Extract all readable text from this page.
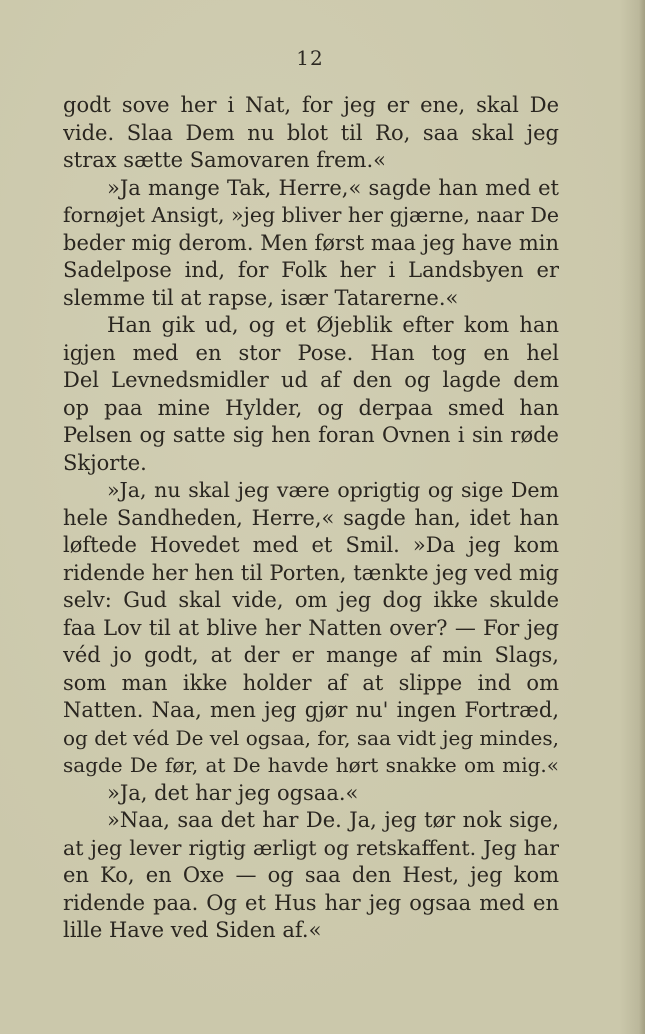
12
godt sove her i Nat, for jeg er ene, skal De
vide. Slaa Dem nu blot til Ro, saa skal jeg
strax sætte Samovaren frem.«
»Ja mange Tak, Herre,« sagde han med et
fornøjet Ansigt, »jeg bliver her gjærne, naar De
beder mig derom. Men først maa jeg have min
Sadelpose ind, for Folk her i Landsbyen er
slemme til at rapse, især Tatarerne.«
Han gik ud, og et Øjeblik efter kom han
igjen med en stor Pose. Han tog en hel
Del Levnedsmidler ud af den og lagde dem
op paa mine Hylder, og derpaa smed han
Pelsen og satte sig hen foran Ovnen i sin røde
Skjorte.
»Ja, nu skal jeg være oprigtig og sige Dem
hele Sandheden, Herre,« sagde han, idet han
løftede Hovedet med et Smil. »Da jeg kom
ridende her hen til Porten, tænkte jeg ved mig
selv: Gud skal vide, om jeg dog ikke skulde
faa Lov til at blive her Natten over? — For jeg
véd jo godt, at der er mange af min Slags,
som man ikke holder af at slippe ind om
Natten. Naa, men jeg gjør nu' ingen Fortræd,
og det véd De vel ogsaa, for, saa vidt jeg mindes,
sagde De før, at De havde hørt snakke om mig.«
»Ja, det har jeg ogsaa.«
»Naa, saa det har De. Ja, jeg tør nok sige,
at jeg lever rigtig ærligt og retskaffent. Jeg har
en Ko, en Oxe — og saa den Hest, jeg kom
ridende paa. Og et Hus har jeg ogsaa med en
lille Have ved Siden af.«
